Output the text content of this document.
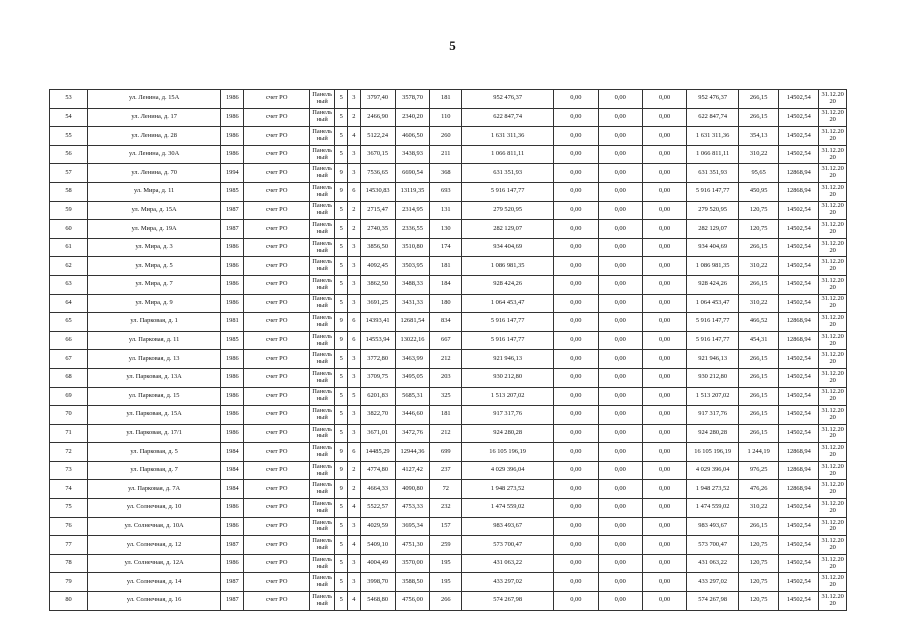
5
53	ул. Ленина, д. 15А	1986	счет РО	Панельный	5	3	3797,40	3578,70	181	952 476,37	0,00	0,00	0,00	952 476,37	266,15	14502,54	31.12.2020
54	ул. Ленина, д. 17	1986	счет РО	Панельный	5	2	2466,90	2340,20	110	622 847,74	0,00	0,00	0,00	622 847,74	266,15	14502,54	31.12.2020
55	ул. Ленина, д. 28	1986	счет РО	Панельный	5	4	5122,24	4606,50	260	1 631 311,36	0,00	0,00	0,00	1 631 311,36	354,13	14502,54	31.12.2020
56	ул. Ленина, д. 30А	1986	счет РО	Панельный	5	3	3670,15	3438,93	211	1 066 811,11	0,00	0,00	0,00	1 066 811,11	310,22	14502,54	31.12.2020
57	ул. Ленина, д. 70	1994	счет РО	Панельный	9	3	7536,65	6690,54	368	631 351,93	0,00	0,00	0,00	631 351,93	95,65	12868,94	31.12.2020
58	ул. Мира, д. 11	1985	счет РО	Панельный	9	6	14530,83	13119,35	693	5 916 147,77	0,00	0,00	0,00	5 916 147,77	450,95	12868,94	31.12.2020
59	ул. Мира, д. 15А	1987	счет РО	Панельный	5	2	2715,47	2314,95	131	279 520,95	0,00	0,00	0,00	279 520,95	120,75	14502,54	31.12.2020
60	ул. Мира, д. 19А	1987	счет РО	Панельный	5	2	2740,35	2336,55	130	282 129,07	0,00	0,00	0,00	282 129,07	120,75	14502,54	31.12.2020
61	ул. Мира, д. 3	1986	счет РО	Панельный	5	3	3856,50	3510,80	174	934 404,69	0,00	0,00	0,00	934 404,69	266,15	14502,54	31.12.2020
62	ул. Мира, д. 5	1986	счет РО	Панельный	5	3	4092,45	3503,95	181	1 086 981,35	0,00	0,00	0,00	1 086 981,35	310,22	14502,54	31.12.2020
63	ул. Мира, д. 7	1986	счет РО	Панельный	5	3	3862,50	3488,33	184	928 424,26	0,00	0,00	0,00	928 424,26	266,15	14502,54	31.12.2020
64	ул. Мира, д. 9	1986	счет РО	Панельный	5	3	3691,25	3431,33	180	1 064 453,47	0,00	0,00	0,00	1 064 453,47	310,22	14502,54	31.12.2020
65	ул. Парковая, д. 1	1981	счет РО	Панельный	9	6	14393,41	12681,54	834	5 916 147,77	0,00	0,00	0,00	5 916 147,77	466,52	12868,94	31.12.2020
66	ул. Парковая, д. 11	1985	счет РО	Панельный	9	6	14553,94	13022,16	667	5 916 147,77	0,00	0,00	0,00	5 916 147,77	454,31	12868,94	31.12.2020
67	ул. Парковая, д. 13	1986	счет РО	Панельный	5	3	3772,80	3463,99	212	921 946,13	0,00	0,00	0,00	921 946,13	266,15	14502,54	31.12.2020
68	ул. Парковая, д. 13А	1986	счет РО	Панельный	5	3	3709,75	3495,05	203	930 212,80	0,00	0,00	0,00	930 212,80	266,15	14502,54	31.12.2020
69	ул. Парковая, д. 15	1986	счет РО	Панельный	5	5	6201,83	5685,31	325	1 513 207,02	0,00	0,00	0,00	1 513 207,02	266,15	14502,54	31.12.2020
70	ул. Парковая, д. 15А	1986	счет РО	Панельный	5	3	3822,70	3446,60	181	917 317,76	0,00	0,00	0,00	917 317,76	266,15	14502,54	31.12.2020
71	ул. Парковая, д. 17/1	1986	счет РО	Панельный	5	3	3671,01	3472,76	212	924 280,28	0,00	0,00	0,00	924 280,28	266,15	14502,54	31.12.2020
72	ул. Парковая, д. 5	1984	счет РО	Панельный	9	6	14485,29	12944,36	699	16 105 196,19	0,00	0,00	0,00	16 105 196,19	1 244,19	12868,94	31.12.2020
73	ул. Парковая, д. 7	1984	счет РО	Панельный	9	2	4774,80	4127,42	237	4 029 396,04	0,00	0,00	0,00	4 029 396,04	976,25	12868,94	31.12.2020
74	ул. Парковая, д. 7А	1984	счет РО	Панельный	9	2	4664,33	4090,80	72	1 948 273,52	0,00	0,00	0,00	1 948 273,52	476,26	12868,94	31.12.2020
75	ул. Солнечная, д. 10	1986	счет РО	Панельный	5	4	5522,57	4753,33	232	1 474 559,02	0,00	0,00	0,00	1 474 559,02	310,22	14502,54	31.12.2020
76	ул. Солнечная, д. 10А	1986	счет РО	Панельный	5	3	4029,59	3695,34	157	983 493,67	0,00	0,00	0,00	983 493,67	266,15	14502,54	31.12.2020
77	ул. Солнечная, д. 12	1987	счет РО	Панельный	5	4	5409,10	4751,30	259	573 700,47	0,00	0,00	0,00	573 700,47	120,75	14502,54	31.12.2020
78	ул. Солнечная, д. 12А	1986	счет РО	Панельный	5	3	4004,49	3570,00	195	431 063,22	0,00	0,00	0,00	431 063,22	120,75	14502,54	31.12.2020
79	ул. Солнечная, д. 14	1987	счет РО	Панельный	5	3	3998,70	3588,50	195	433 297,02	0,00	0,00	0,00	433 297,02	120,75	14502,54	31.12.2020
80	ул. Солнечная, д. 16	1987	счет РО	Панельный	5	4	5468,80	4756,00	266	574 267,98	0,00	0,00	0,00	574 267,98	120,75	14502,54	31.12.2020
